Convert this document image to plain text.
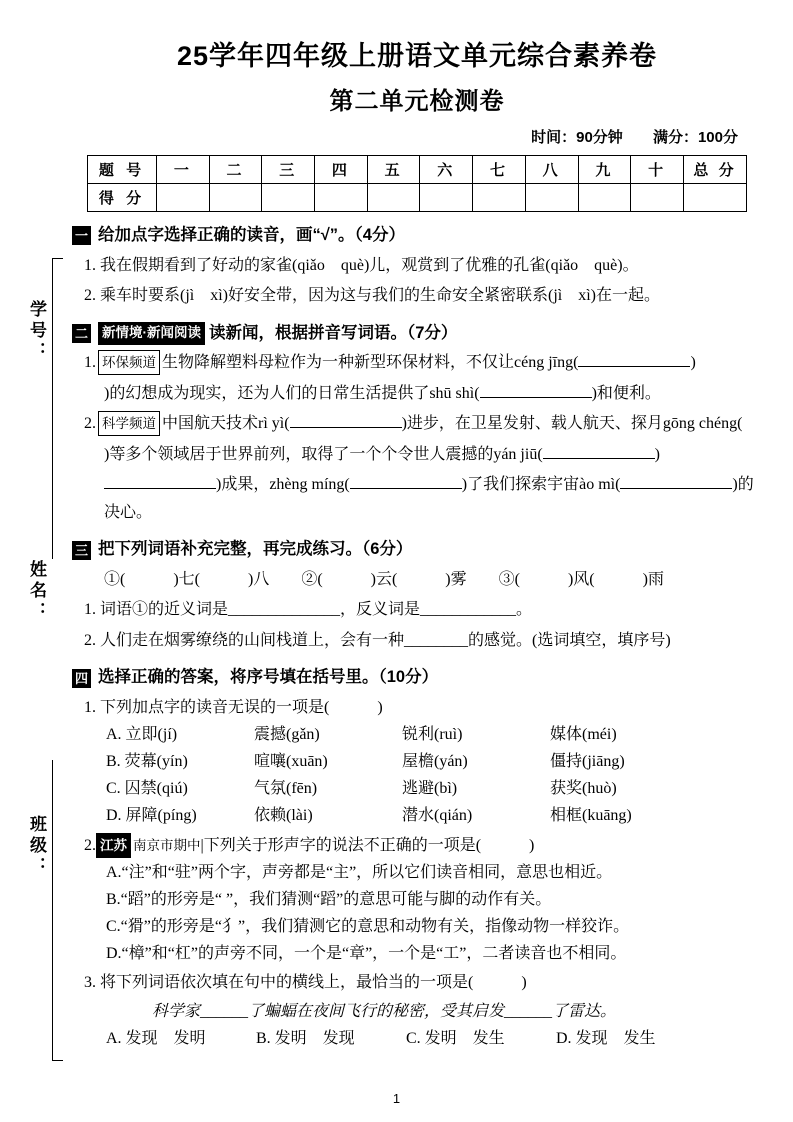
学号：
姓名：
班级：
25学年四年级上册语文单元综合素养卷
第二单元检测卷
时间：90分钟 满分：100分
题 号	一	二	三	四	五	六	七	八	九	十	总 分
得 分											
一 给加点字选择正确的读音，画“√”。（4分）
1. 我在假期看到了好动的家雀(qiǎo　què)儿，观赏到了优雅的孔雀(qiǎo　què)。
2. 乘车时要系(jì　xì)好安全带，因为这与我们的生命安全紧密联系(jì　xì)在一起。
二 新情境·新闻阅读 读新闻，根据拼音写词语。（7分）
1. 环保频道 生物降解塑料母粒作为一种新型环保材料，不仅让céng jīng(	)
)的幻想成为现实，还为人们的日常生活提供了shū shì(	)和便利。
2. 科学频道 中国航天技术rì yì(	)进步，在卫星发射、载人航天、探月gōng chéng(
)等多个领域居于世界前列，取得了一个个令世人震撼的yán jiū(	)
)成果，zhèng míng(	)了我们探索宇宙ào mì(	)的决心。
三 把下列词语补充完整，再完成练习。（6分）
①(　　　)七(　　　)八　　②(　　　)云(　　　)雾　　③(　　　)风(　　　)雨
1. 词语①的近义词是______________，反义词是____________。
2. 人们走在烟雾缭绕的山间栈道上，会有一种________的感觉。(选词填空，填序号)
四 选择正确的答案，将序号填在括号里。（10分）
1. 下列加点字的读音无误的一项是(　　　)
A. 立即(jí)	震撼(gǎn)	锐利(ruì)	媒体(méi)
B. 荧幕(yín)	喧嚷(xuān)	屋檐(yán)	僵持(jiāng)
C. 囚禁(qiú)	气氛(fēn)	逃避(bì)	获奖(huò)
D. 屏障(píng)	依赖(lài)	潜水(qián)	相框(kuāng)
2. 江苏 南京市期中|下列关于形声字的说法不正确的一项是(　　　)
A.“注”和“驻”两个字，声旁都是“主”，所以它们读音相同，意思也相近。
B.“蹈”的形旁是“ ”，我们猜测“蹈”的意思可能与脚的动作有关。
C.“猾”的形旁是“犭”，我们猜测它的意思和动物有关，指像动物一样狡诈。
D.“樟”和“杠”的声旁不同，一个是“章”，一个是“工”，二者读音也不相同。
3. 将下列词语依次填在句中的横线上，最恰当的一项是(　　　)
科学家______了蝙蝠在夜间飞行的秘密，受其启发______了雷达。
A. 发现　发明	B. 发明　发现	C. 发明　发生	D. 发现　发生
1
